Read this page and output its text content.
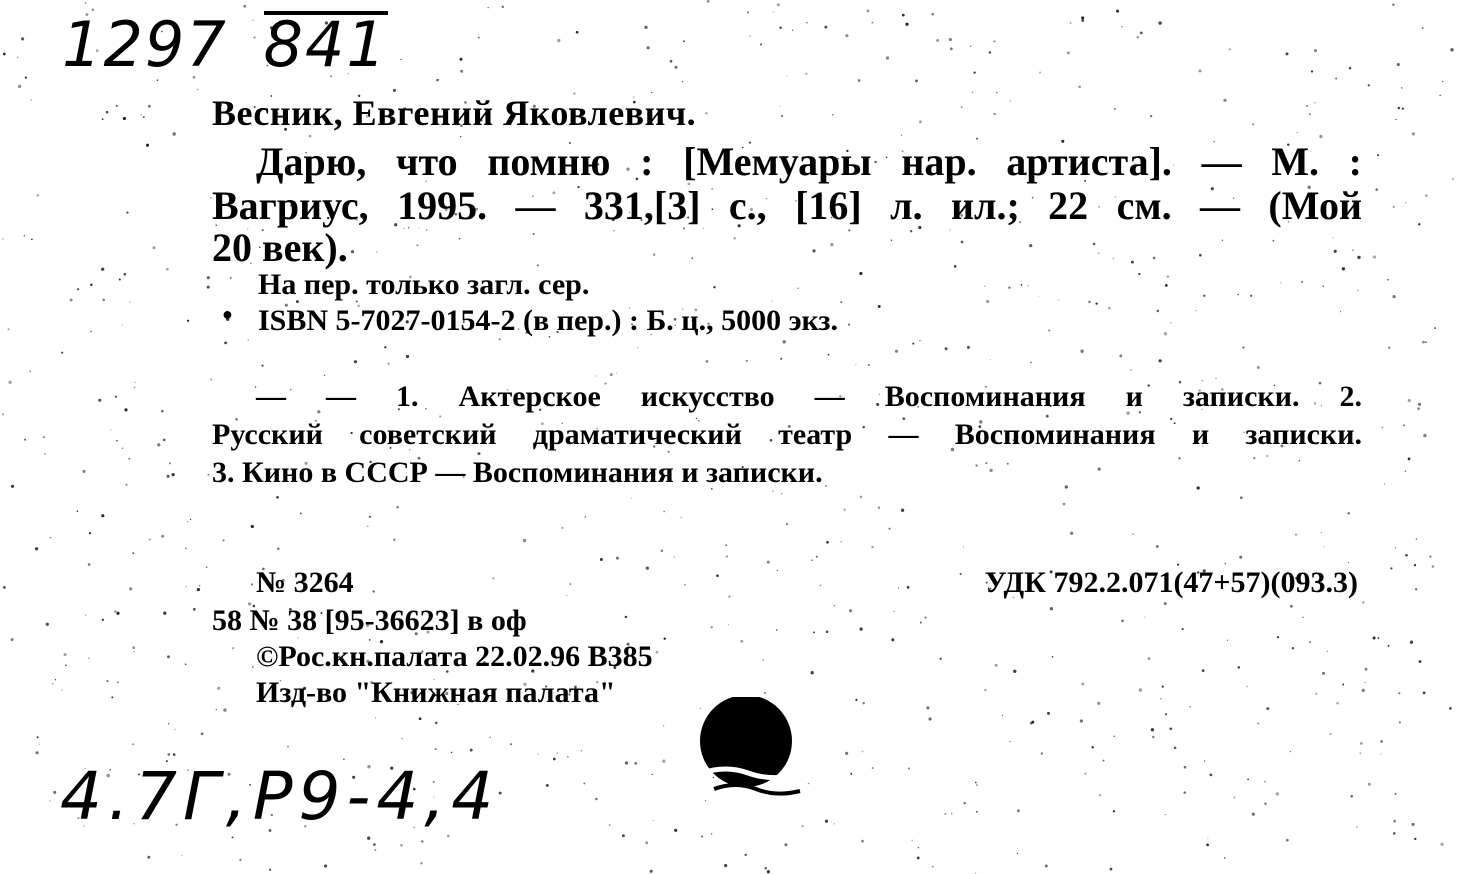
1297 841
Весник, Евгений Яковлевич.
Дарю, что помню : [Мемуары нар. артиста]. — М. :
Вагриус, 1995. — 331,[3] с., [16] л. ил.; 22 см. — (Мой
20 век).
На пер. только загл. сер.
● ISBN 5-7027-0154-2 (в пер.) : Б. ц., 5000 экз.
— — 1. Актерское искусство — Воспоминания и записки. 2.
Русский советский драматический театр — Воспоминания и записки.
3. Кино в СССР — Воспоминания и записки.
№ 3264	УДК 792.2.071(47+57)(093.3)
58 № 38 [95-36623] в оф
©Рос.кн.палата 22.02.96 В385
Изд-во "Книжная палата"
4.7Г,Р9-4,4
